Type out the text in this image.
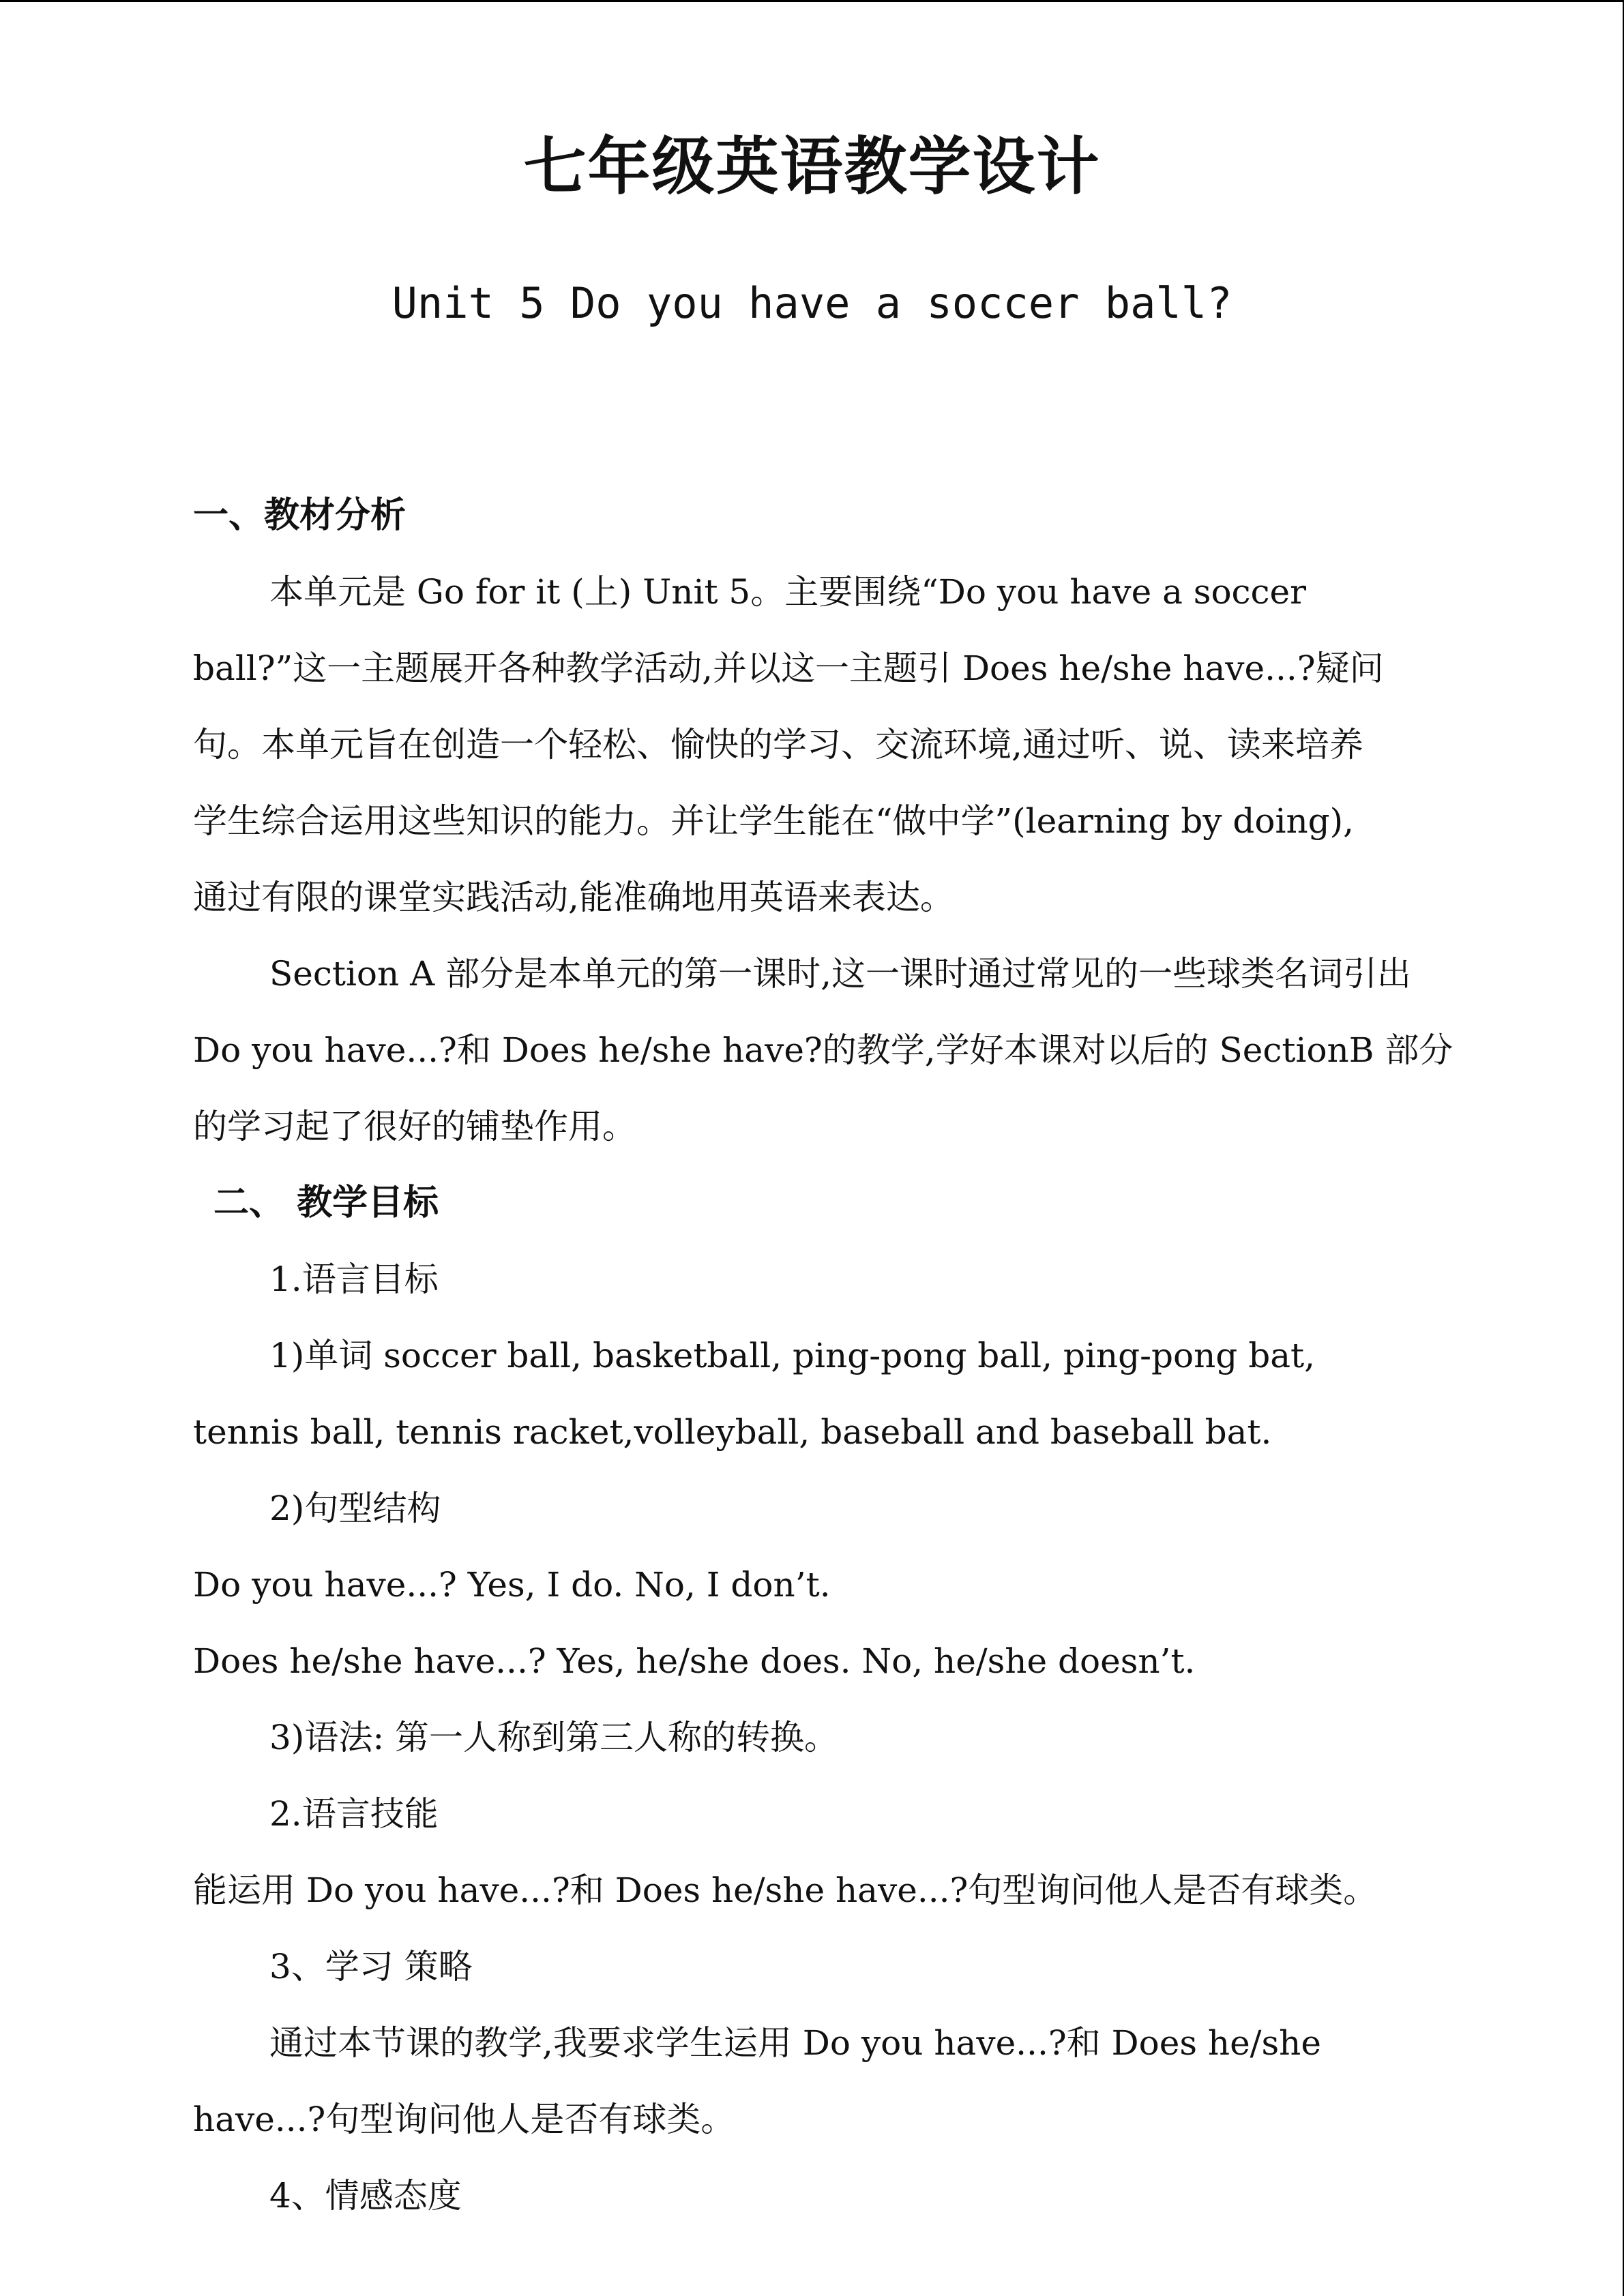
七年级英语教学设计
Unit 5 Do you have a soccer ball?
一、教材分析
本单元是 Go for it (上) Unit 5。主要围绕“Do you have a soccer
ball?”这一主题展开各种教学活动,并以这一主题引 Does he/she have...?疑问
句。本单元旨在创造一个轻松、愉快的学习、交流环境,通过听、说、读来培养
学生综合运用这些知识的能力。并让学生能在“做中学”(learning by doing),
通过有限的课堂实践活动,能准确地用英语来表达。
Section A 部分是本单元的第一课时,这一课时通过常见的一些球类名词引出
Do you have...?和 Does he/she have?的教学,学好本课对以后的 SectionB 部分
的学习起了很好的铺垫作用。
二、 教学目标
1.语言目标
1)单词 soccer ball, basketball, ping-pong ball, ping-pong bat,
tennis ball, tennis racket,volleyball, baseball and baseball bat.
2)句型结构
Do you have...? Yes, I do. No, I don’t.
Does he/she have...? Yes, he/she does. No, he/she doesn’t.
3)语法: 第一人称到第三人称的转换。
2.语言技能
能运用 Do you have...?和 Does he/she have...?句型询问他人是否有球类。
3、学习 策略
通过本节课的教学,我要求学生运用 Do you have...?和 Does he/she
have...?句型询问他人是否有球类。
4、情感态度
